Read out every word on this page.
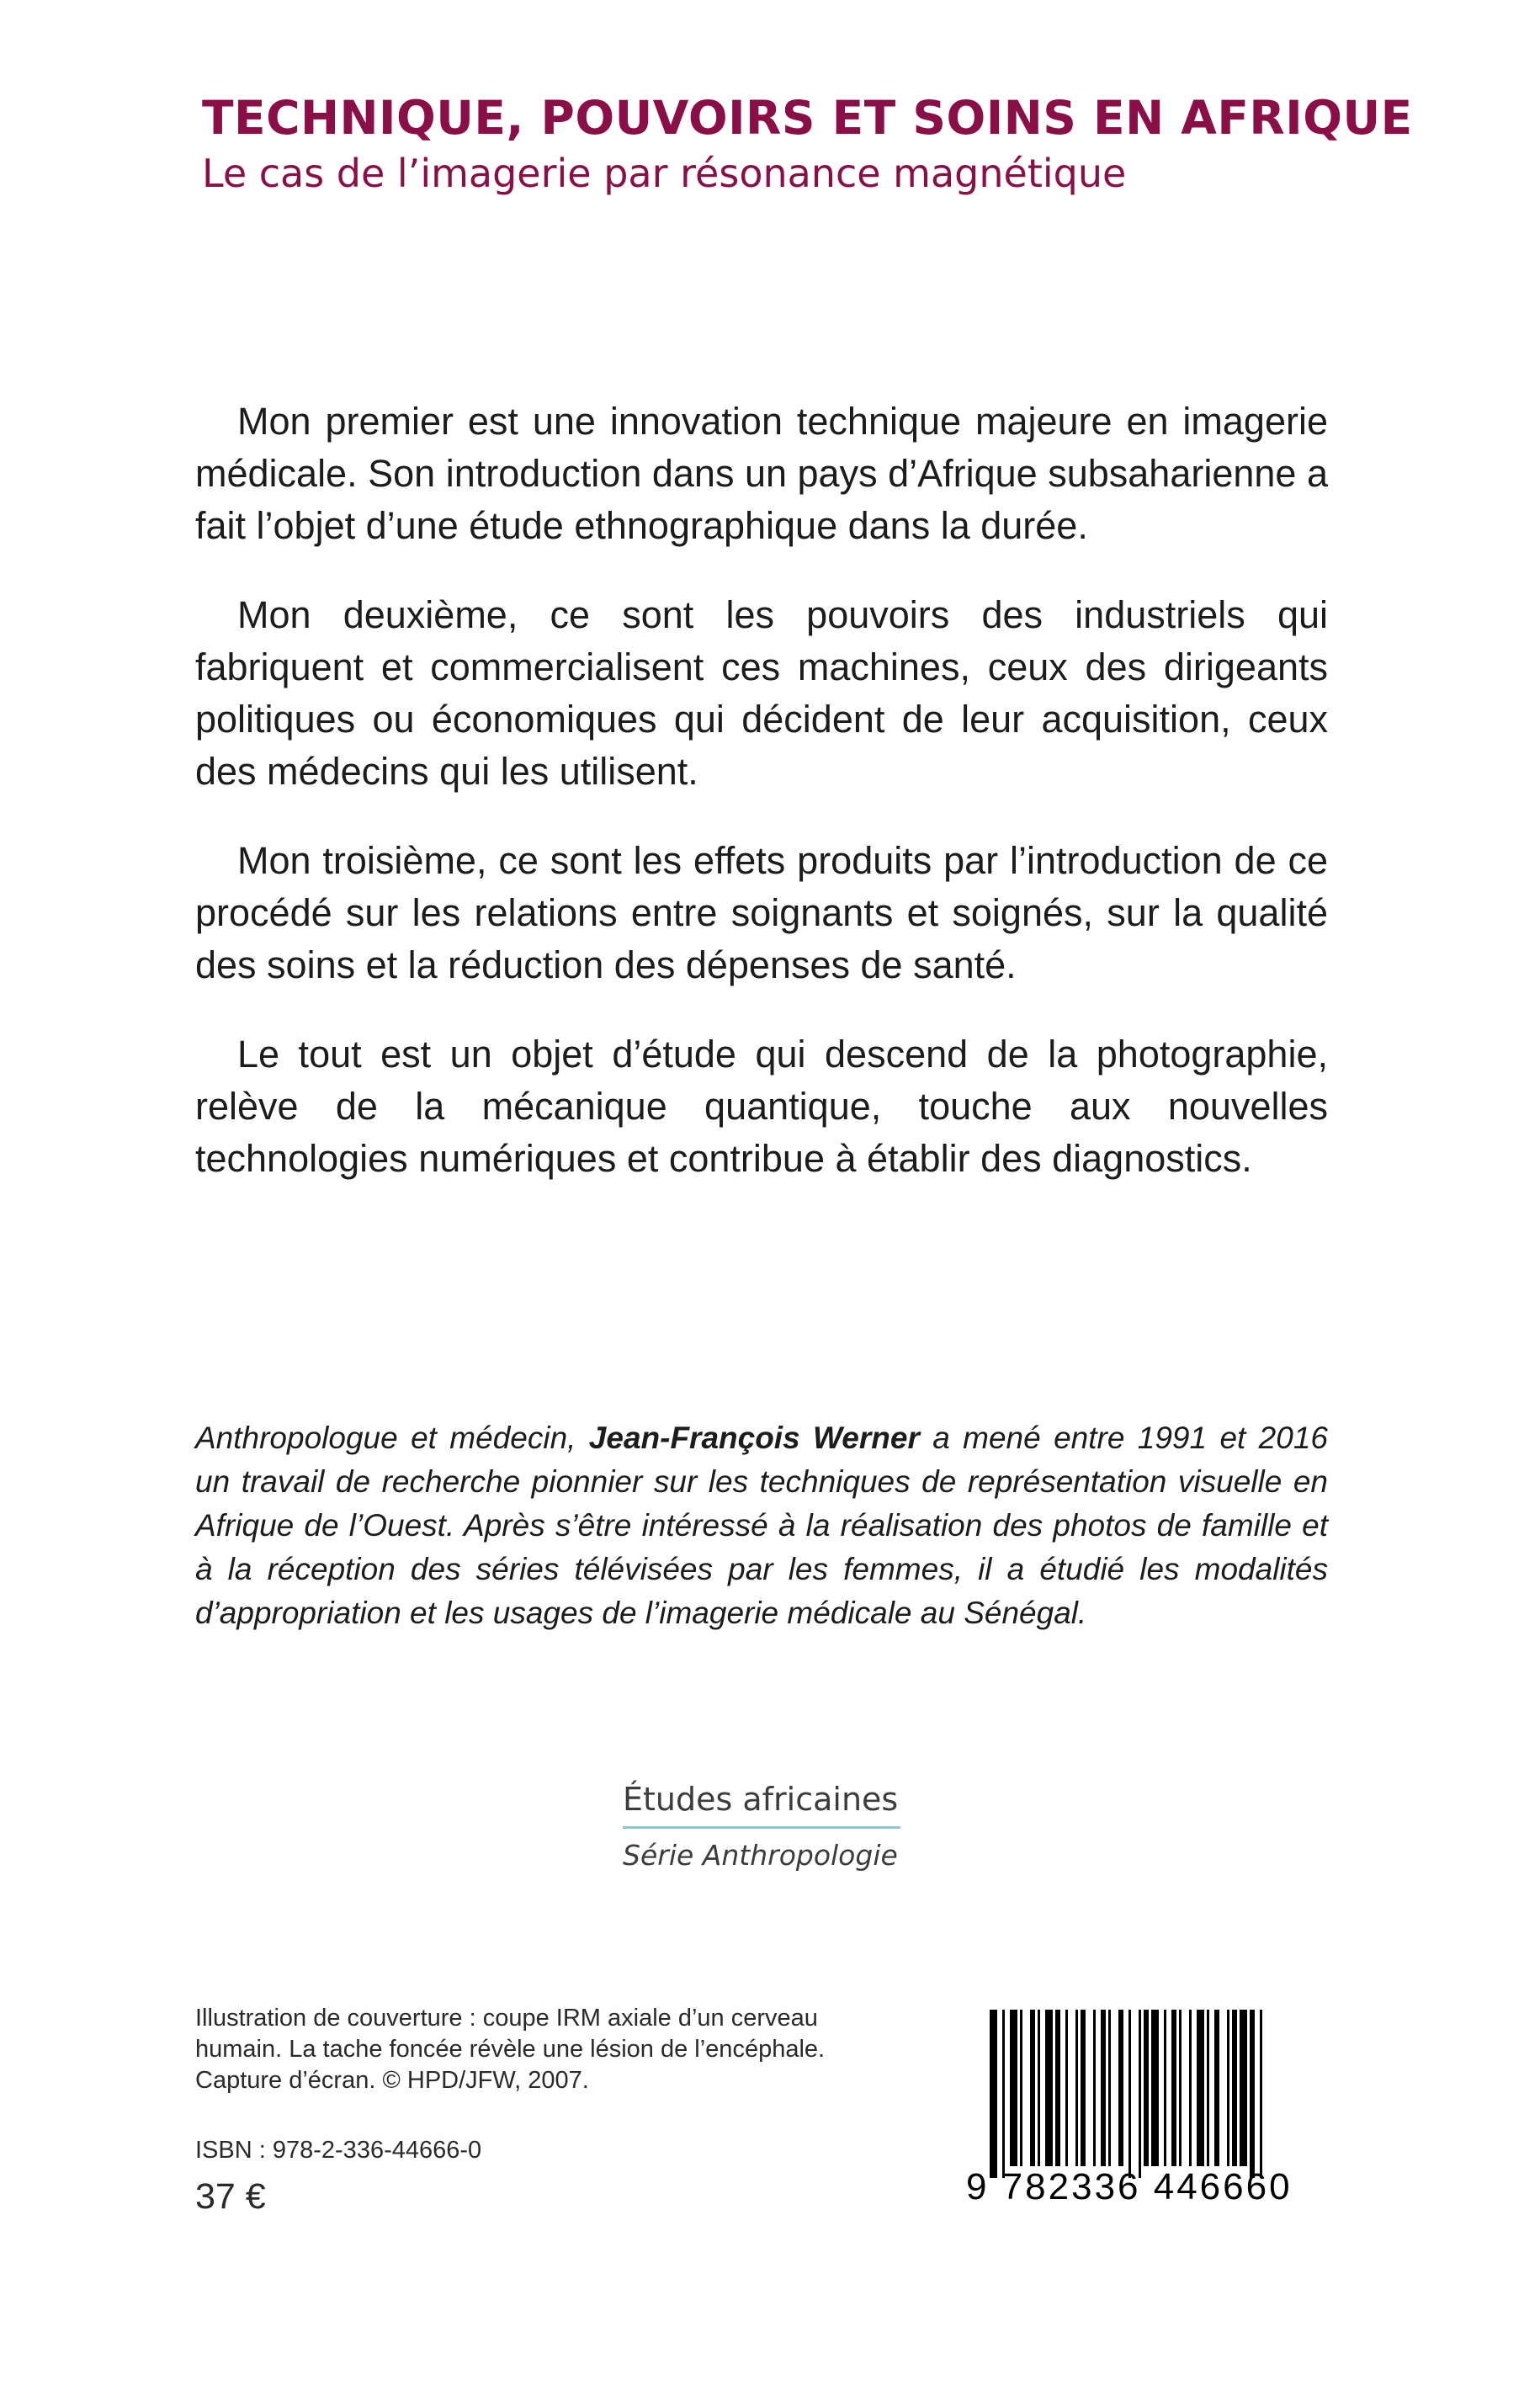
TECHNIQUE, POUVOIRS ET SOINS EN AFRIQUE

Le cas de l’imagerie par résonance magnétique

Mon premier est une innovation technique majeure en imagerie médicale. Son introduction dans un pays d’Afrique subsaharienne a fait l’objet d’une étude ethnographique dans la durée.

Mon deuxième, ce sont les pouvoirs des industriels qui fabriquent et commercialisent ces machines, ceux des dirigeants politiques ou économiques qui décident de leur acquisition, ceux des médecins qui les utilisent.

Mon troisième, ce sont les effets produits par l’introduction de ce procédé sur les relations entre soignants et soignés, sur la qualité des soins et la réduction des dépenses de santé.

Le tout est un objet d’étude qui descend de la photographie, relève de la mécanique quantique, touche aux nouvelles technologies numériques et contribue à établir des diagnostics.

Anthropologue et médecin, Jean-François Werner a mené entre 1991 et 2016 un travail de recherche pionnier sur les techniques de représentation visuelle en Afrique de l’Ouest. Après s’être intéressé à la réalisation des photos de famille et à la réception des séries télévisées par les femmes, il a étudié les modalités d’appropriation et les usages de l’imagerie médicale au Sénégal.

Études africaines
Série Anthropologie

Illustration de couverture : coupe IRM axiale d’un cerveau humain. La tache foncée révèle une lésion de l’encéphale. Capture d’écran. © HPD/JFW, 2007.

ISBN : 978-2-336-44666-0

37 €	9 782336 446660
